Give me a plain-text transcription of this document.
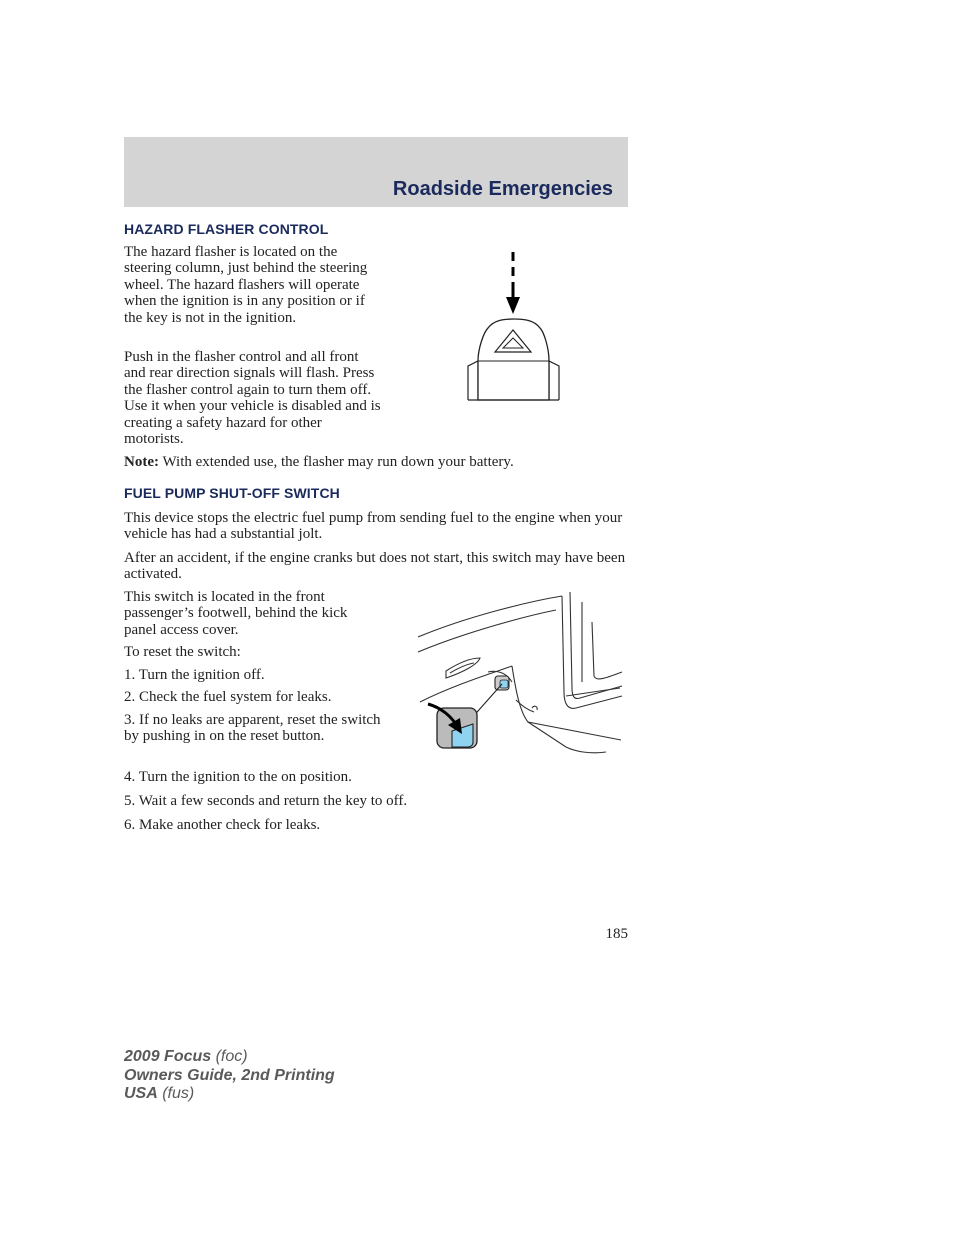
Roadside Emergencies
HAZARD FLASHER CONTROL
The hazard flasher is located on the steering column, just behind the steering wheel. The hazard flashers will operate when the ignition is in any position or if the key is not in the ignition.
Push in the flasher control and all front and rear direction signals will flash. Press the flasher control again to turn them off. Use it when your vehicle is disabled and is creating a safety hazard for other motorists.
Note: With extended use, the flasher may run down your battery.
FUEL PUMP SHUT-OFF SWITCH
This device stops the electric fuel pump from sending fuel to the engine when your vehicle has had a substantial jolt.
After an accident, if the engine cranks but does not start, this switch may have been activated.
This switch is located in the front passenger’s footwell, behind the kick panel access cover.
To reset the switch:
1. Turn the ignition off.
2. Check the fuel system for leaks.
3. If no leaks are apparent, reset the switch by pushing in on the reset button.
4. Turn the ignition to the on position.
5. Wait a few seconds and return the key to off.
6. Make another check for leaks.
185
2009 Focus (foc)
Owners Guide, 2nd Printing
USA (fus)
